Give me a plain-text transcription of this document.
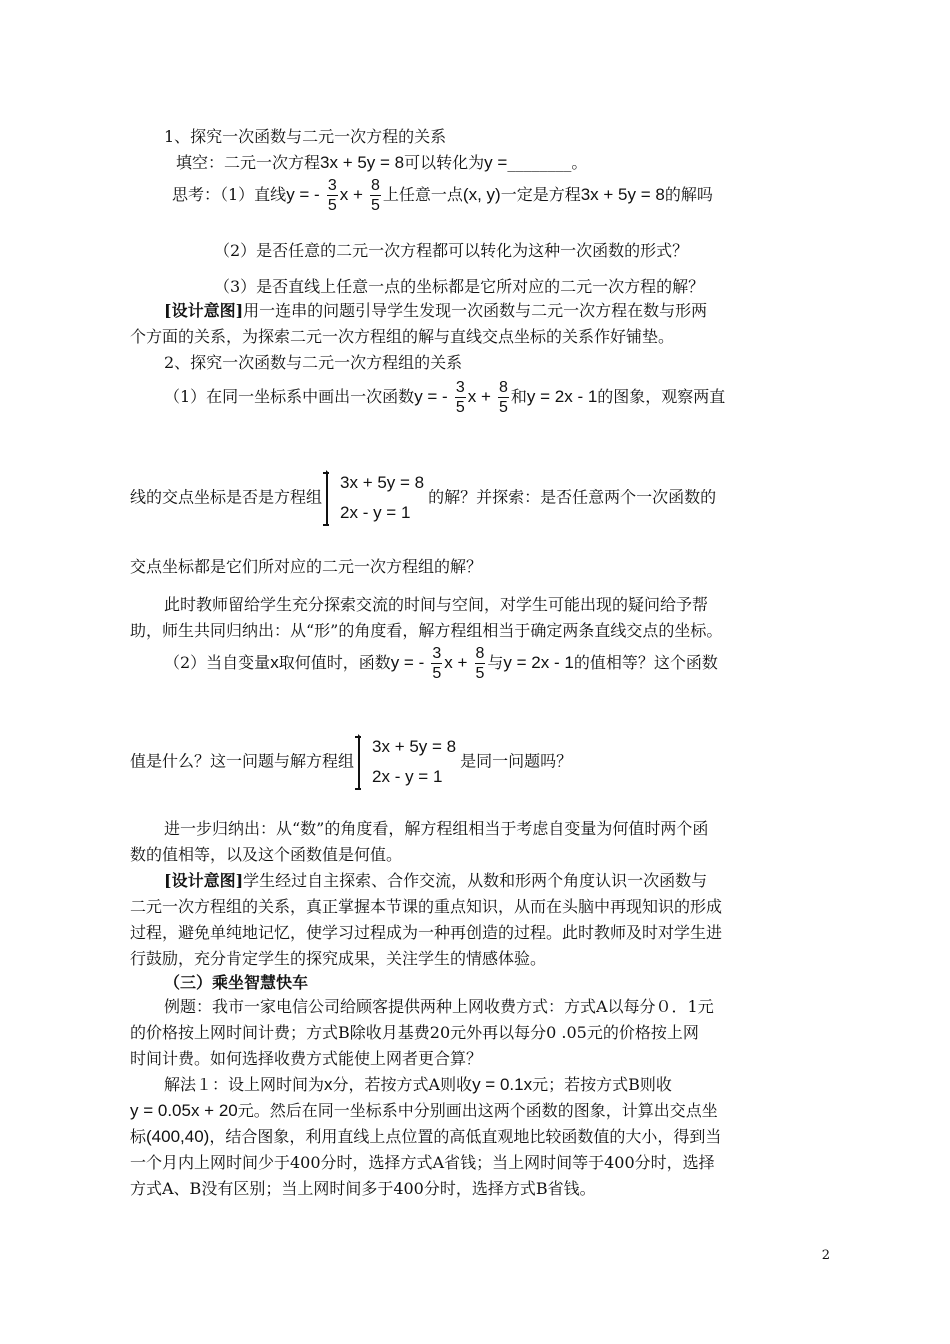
1、探究一次函数与二元一次方程的关系
填空：二元一次方程3x + 5y = 8可以转化为y =________。
思考：（1）直线y = - $\frac{3}{5}$ $x + \frac{8}{5}$ 上任意一点(x, y)一定是方程3x + 5y = 8的解吗
（2）是否任意的二元一次方程都可以转化为这种一次函数的形式？
（3）是否直线上任意一点的坐标都是它所对应的二元一次方程的解？
[设计意图]用一连串的问题引导学生发现一次函数与二元一次方程在数与形两
个方面的关系，为探索二元一次方程组的解与直线交点坐标的关系作好铺垫。
2、探究一次函数与二元一次方程组的关系
（1）在同一坐标系中画出一次函数y = - $\frac{3}{5}$ $x + \frac{8}{5}$ 和y = 2x - 1的图象，观察两直
线的交点坐标是否是方程组
3x + 5y = 8
2x - y = 1
的解？并探索：是否任意两个一次函数的
交点坐标都是它们所对应的二元一次方程组的解？
此时教师留给学生充分探索交流的时间与空间，对学生可能出现的疑问给予帮
助，师生共同归纳出：从“形”的角度看，解方程组相当于确定两条直线交点的坐标。
（2）当自变量x取何值时，函数y = - $\frac{3}{5}$ $x + \frac{8}{5}$ 与y = 2x - 1的值相等？这个函数
值是什么？这一问题与解方程组
3x + 5y = 8
2x - y = 1
是同一问题吗？
进一步归纳出：从“数”的角度看，解方程组相当于考虑自变量为何值时两个函
数的值相等，以及这个函数值是何值。
[设计意图]学生经过自主探索、合作交流，从数和形两个角度认识一次函数与
二元一次方程组的关系，真正掌握本节课的重点知识，从而在头脑中再现知识的形成
过程，避免单纯地记忆，使学习过程成为一种再创造的过程。此时教师及时对学生进
行鼓励，充分肯定学生的探究成果，关注学生的情感体验。
（三）乘坐智慧快车
例题：我市一家电信公司给顾客提供两种上网收费方式：方式A以每分０．1元
的价格按上网时间计费；方式B除收月基费20元外再以每分0 .05元的价格按上网
时间计费。如何选择收费方式能使上网者更合算？
解法１：设上网时间为x分，若按方式A则收y = 0.1x元；若按方式B则收
y = 0.05x + 20元。然后在同一坐标系中分别画出这两个函数的图象，计算出交点坐
标(400,40)，结合图象，利用直线上点位置的高低直观地比较函数值的大小，得到当
一个月内上网时间少于400分时，选择方式A省钱；当上网时间等于400分时，选择
方式A、B没有区别；当上网时间多于400分时，选择方式B省钱。
2
